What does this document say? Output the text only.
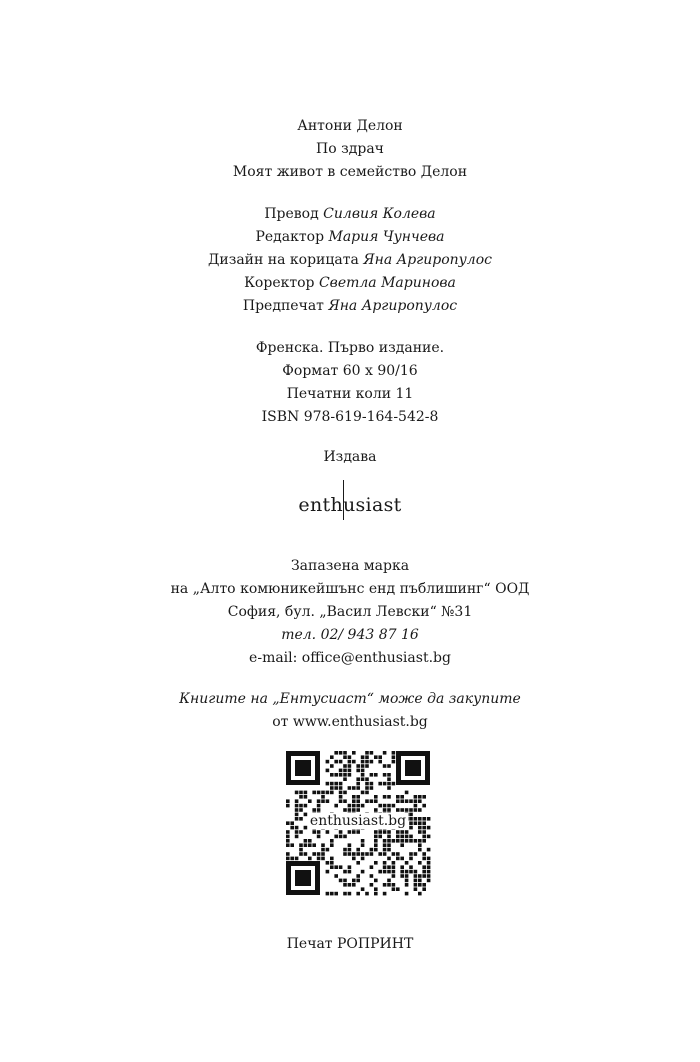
Антони Делон
По здрач
Моят живот в семейство Делон
Превод Силвия Колева
Редактор Мария Чунчева
Дизайн на корицата Яна Аргиропулос
Коректор Светла Маринова
Предпечат Яна Аргиропулос
Френска. Първо издание.
Формат 60 х 90/16
Печатни коли 11
ISBN 978-619-164-542-8
Издава
enthusiast
Запазена марка
на „Алто комюникейшънс енд пъблишинг“ ООД
София, бул. „Васил Левски“ №31
тел. 02/ 943 87 16
e-mail: office@enthusiast.bg
Книгите на „Ентусиаст“ може да закупите
от www.enthusiast.bg
enthusiast.bg
Печат РОПРИНТ
